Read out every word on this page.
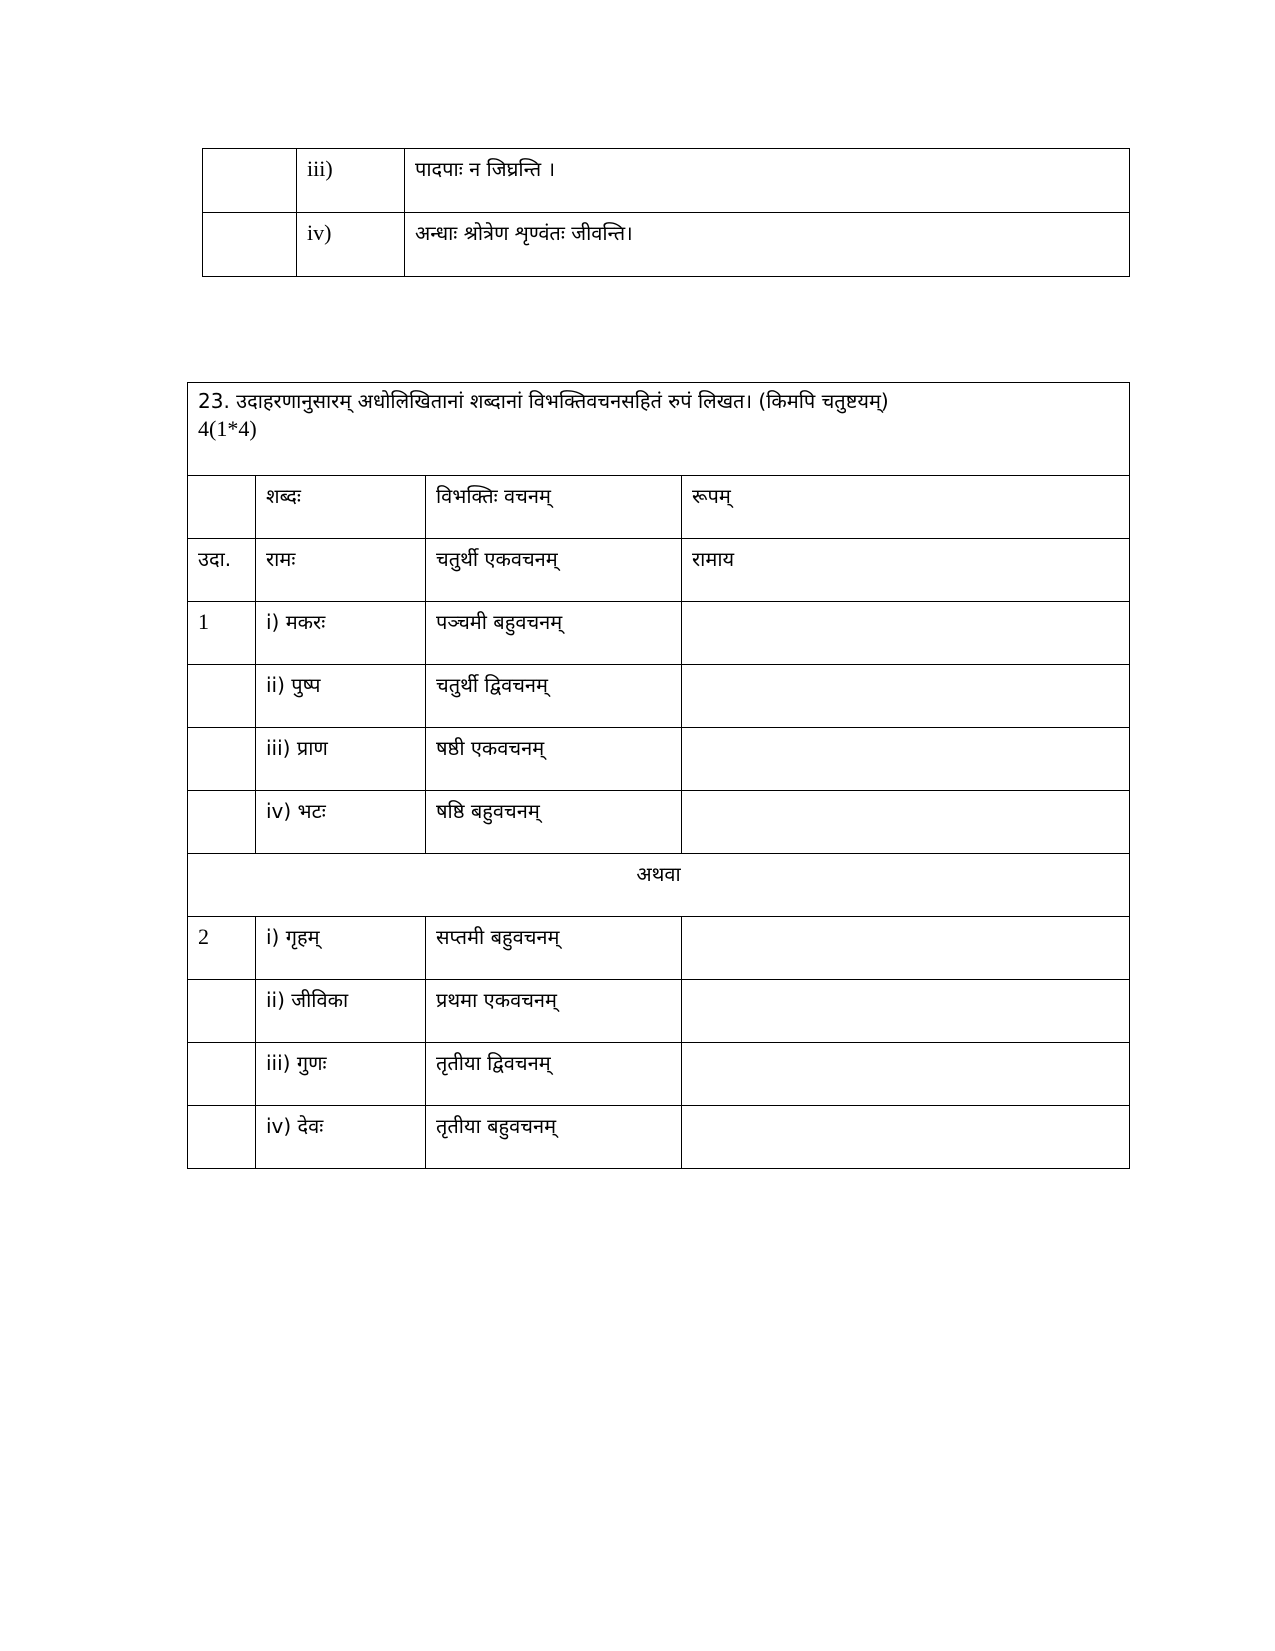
	iii)	पादपाः न जिघ्रन्ति ।
	iv)	अन्धाः श्रोत्रेण शृण्वंतः जीवन्ति।
23. उदाहरणानुसारम् अधोलिखितानां शब्दानां विभक्तिवचनसहितं रुपं लिखत। (किमपि चतुष्टयम्)
4(1*4)			

	शब्दः	विभक्तिः वचनम्	रूपम्
उदा.	रामः	चतुर्थी एकवचनम्	रामाय
1	i) मकरः	पञ्चमी बहुवचनम्	
	ii) पुष्प	चतुर्थी द्विवचनम्	
	iii) प्राण	षष्ठी एकवचनम्	
	iv) भटः	षष्ठि बहुवचनम्	
अथवा			
2	i) गृहम्	सप्तमी बहुवचनम्	
	ii) जीविका	प्रथमा एकवचनम्	
	iii) गुणः	तृतीया द्विवचनम्	
	iv) देवः	तृतीया बहुवचनम्	
